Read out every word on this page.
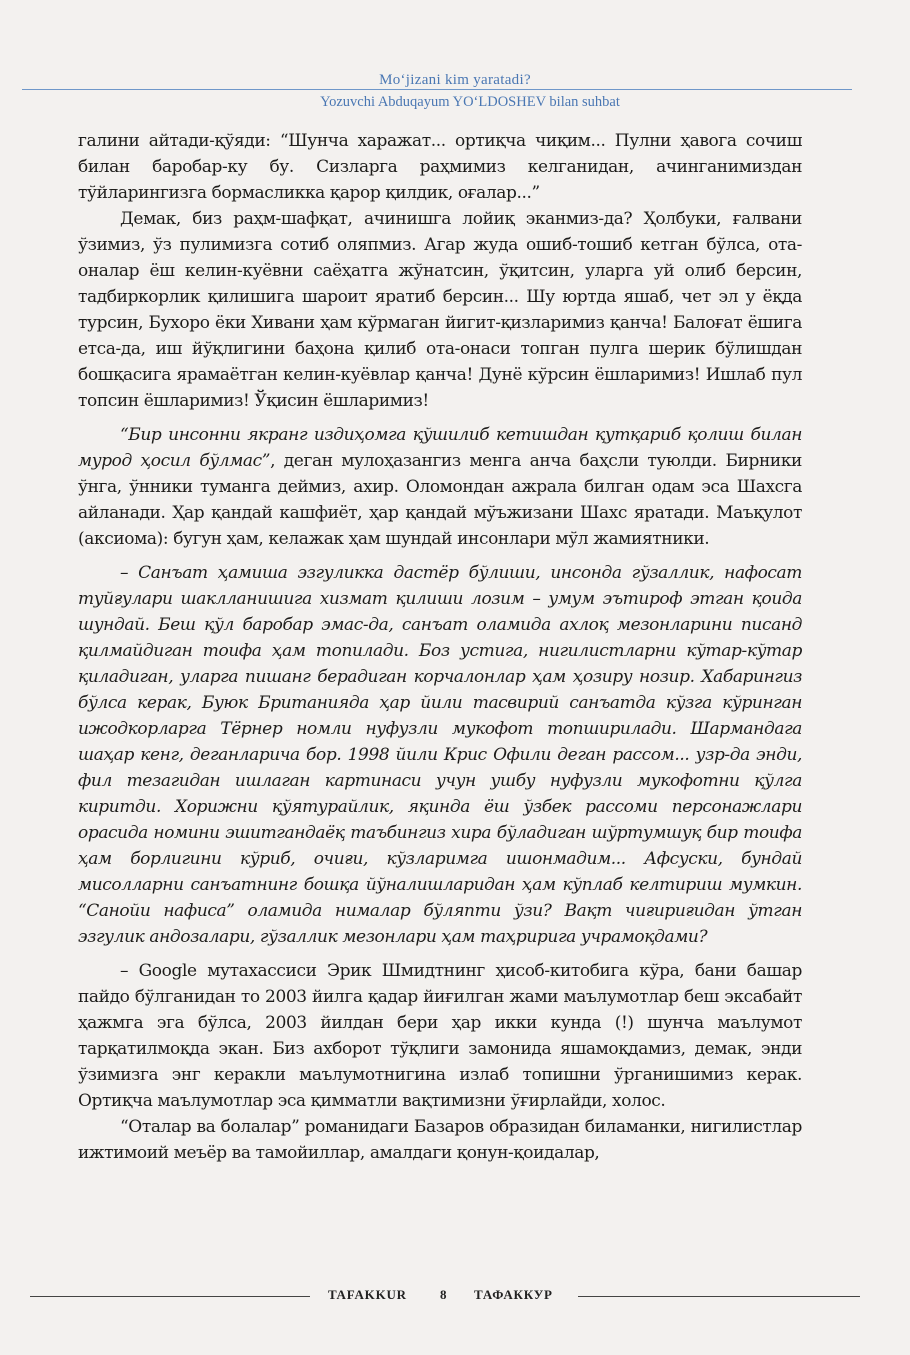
Mo‘jizani kim yaratadi?
Yozuvchi Abduqayum YO‘LDOSHEV bilan suhbat

галини айтади-қўяди: “Шунча харажат... ортиқча чиқим... Пулни ҳавога сочиш билан баробар-ку бу. Сизларга раҳмимиз келганидан, ачинганимиздан тўйларингизга бормасликка қарор қилдик, оғалар...”

Демак, биз раҳм-шафқат, ачинишга лойиқ эканмиз-да? Ҳолбуки, ғалвани ўзимиз, ўз пулимизга сотиб оляпмиз. Агар жуда ошиб-тошиб кетган бўлса, ота-оналар ёш келин-куёвни саёҳатга жўнатсин, ўқитсин, уларга уй олиб берсин, тадбиркорлик қилишига шароит яратиб берсин... Шу юртда яшаб, чет эл у ёқда турсин, Бухоро ёки Хивани ҳам кўрмаган йигит-қизларимиз қанча! Балоғат ёшига етса-да, иш йўқлигини баҳона қилиб ота-онаси топган пулга шерик бўлишдан бошқасига ярамаётган келин-куёвлар қанча! Дунё кўрсин ёшларимиз! Ишлаб пул топсин ёшларимиз! Ўқисин ёшларимиз!

“Бир инсонни якранг издиҳомга қўшилиб кетишдан қутқариб қолиш билан мурод ҳосил бўлмас”, деган мулоҳазангиз менга анча баҳсли туюлди. Бирники ўнга, ўнники туманга деймиз, ахир. Оломондан ажрала билган одам эса Шахсга айланади. Ҳар қандай кашфиёт, ҳар қандай мўъжизани Шахс яратади. Маъқулот (аксиома): бугун ҳам, келажак ҳам шундай инсонлари мўл жамиятники.

– Санъат ҳамиша эзгуликка дастёр бўлиши, инсонда гўзаллик, нафосат туйғулари шаклланишига хизмат қилиши лозим – умум эътироф этган қоида шундай. Беш қўл баробар эмас-да, санъат оламида ахлоқ мезонларини писанд қилмайдиган тоифа ҳам топилади. Боз устига, нигилистларни кўтар-кўтар қиладиган, уларга пишанг берадиган корчалонлар ҳам ҳозиру нозир. Хабарингиз бўлса керак, Буюк Британияда ҳар йили тасвирий санъатда кўзга кўринган ижодкорларга Тёрнер номли нуфузли мукофот топширилади. Шармандага шаҳар кенг, деганларича бор. 1998 йили Крис Офили деган рассом... узр-да энди, фил тезагидан ишлаган картинаси учун ушбу нуфузли мукофотни қўлга киритди. Хорижни қўятурайлик, яқинда ёш ўзбек рассоми персонажлари орасида номини эшитгандаёқ таъбингиз хира бўладиган шўртумшуқ бир тоифа ҳам борлигини кўриб, очиғи, кўзларимга ишонмадим... Афсуски, бундай мисолларни санъатнинг бошқа йўналишларидан ҳам кўплаб келтириш мумкин. “Санойи нафиса” оламида нималар бўляпти ўзи? Вақт чиғириғидан ўтган эзгулик андозалари, гўзаллик мезонлари ҳам таҳририга учрамоқдами?

– Google мутахассиси Эрик Шмидтнинг ҳисоб-китобига кўра, бани башар пайдо бўлганидан то 2003 йилга қадар йиғилган жами маълумотлар беш эксабайт ҳажмга эга бўлса, 2003 йилдан бери ҳар икки кунда (!) шунча маълумот тарқатилмоқда экан. Биз ахборот тўқлиги замонида яшамоқдамиз, демак, энди ўзимизга энг керакли маълумотнигина излаб топишни ўрганишимиз керак. Ортиқча маълумотлар эса қимматли вақтимизни ўғирлайди, холос.

“Оталар ва болалар” романидаги Базаров образидан биламанки, нигилистлар ижтимоий меъёр ва тамойиллар, амалдаги қонун-қоидалар,

TAFAKKUR	8 ТАФАККУР
